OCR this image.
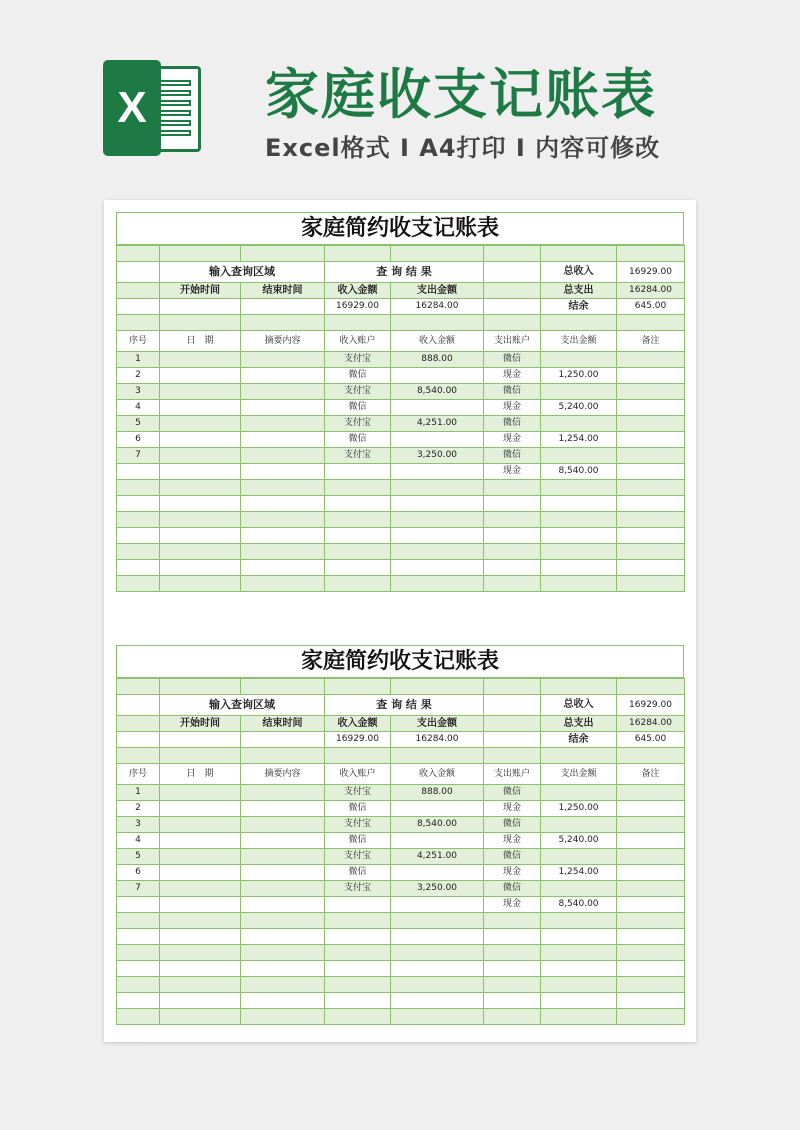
X 家庭收支记账表
Excel格式 I A4打印 I 内容可修改
家庭简约收支记账表

	输入查询区域		查 询 结 果			总收入	16929.00
	开始时间	结束时间	收入金额	支出金额		总支出	16284.00
			16929.00	16284.00		结余	645.00

序号	日　期	摘要内容	收入账户	收入金额	支出账户	支出金额	备注
1			支付宝	888.00	微信		
2			微信		现金	1,250.00	
3			支付宝	8,540.00	微信		
4			微信		现金	5,240.00	
5			支付宝	4,251.00	微信		
6			微信		现金	1,254.00	
7			支付宝	3,250.00	微信		
					现金	8,540.00	

家庭简约收支记账表

	输入查询区域		查 询 结 果			总收入	16929.00
	开始时间	结束时间	收入金额	支出金额		总支出	16284.00
			16929.00	16284.00		结余	645.00

序号	日　期	摘要内容	收入账户	收入金额	支出账户	支出金额	备注
1			支付宝	888.00	微信		
2			微信		现金	1,250.00	
3			支付宝	8,540.00	微信		
4			微信		现金	5,240.00	
5			支付宝	4,251.00	微信		
6			微信		现金	1,254.00	
7			支付宝	3,250.00	微信		
					现金	8,540.00	
